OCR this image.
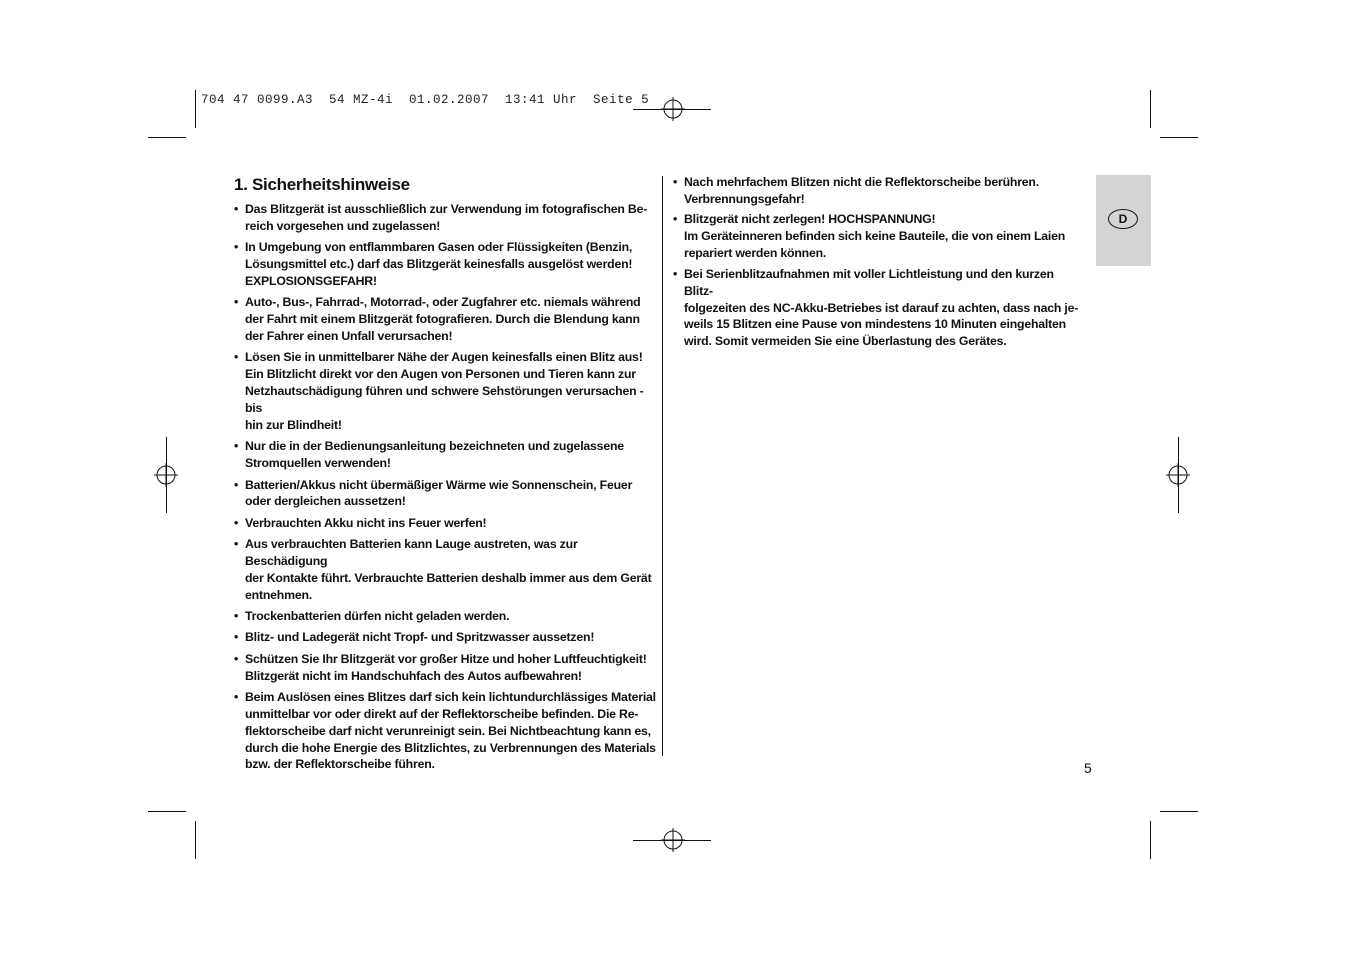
704 47 0099.A3  54 MZ-4i  01.02.2007  13:41 Uhr  Seite 5
D
1. Sicherheitshinweise
• Das Blitzgerät ist ausschließlich zur Verwendung im fotografischen Be-
reich vorgesehen und zugelassen!
• In Umgebung von entflammbaren Gasen oder Flüssigkeiten (Benzin,
Lösungsmittel etc.) darf das Blitzgerät keinesfalls ausgelöst werden!
EXPLOSIONSGEFAHR!
• Auto-, Bus-, Fahrrad-, Motorrad-, oder Zugfahrer etc. niemals während
der Fahrt mit einem Blitzgerät fotografieren. Durch die Blendung kann
der Fahrer einen Unfall verursachen!
• Lösen Sie in unmittelbarer Nähe der Augen keinesfalls einen Blitz aus!
Ein Blitzlicht direkt vor den Augen von Personen und Tieren kann zur
Netzhautschädigung führen und schwere Sehstörungen verursachen - bis
hin zur Blindheit!
• Nur die in der Bedienungsanleitung bezeichneten und zugelassene
Stromquellen verwenden!
• Batterien/Akkus nicht übermäßiger Wärme wie Sonnenschein, Feuer
oder dergleichen aussetzen!
• Verbrauchten Akku nicht ins Feuer werfen!
• Aus verbrauchten Batterien kann Lauge austreten, was zur Beschädigung
der Kontakte führt. Verbrauchte Batterien deshalb immer aus dem Gerät
entnehmen.
• Trockenbatterien dürfen nicht geladen werden.
• Blitz- und Ladegerät nicht Tropf- und Spritzwasser aussetzen!
• Schützen Sie Ihr Blitzgerät vor großer Hitze und hoher Luftfeuchtigkeit!
Blitzgerät nicht im Handschuhfach des Autos aufbewahren!
• Beim Auslösen eines Blitzes darf sich kein lichtundurchlässiges Material
unmittelbar vor oder direkt auf der Reflektorscheibe befinden. Die Re-
flektorscheibe darf nicht verunreinigt sein. Bei Nichtbeachtung kann es,
durch die hohe Energie des Blitzlichtes, zu Verbrennungen des Materials
bzw. der Reflektorscheibe führen.
• Nach mehrfachem Blitzen nicht die Reflektorscheibe berühren.
Verbrennungsgefahr!
• Blitzgerät nicht zerlegen! HOCHSPANNUNG!
Im Geräteinneren befinden sich keine Bauteile, die von einem Laien
repariert werden können.
• Bei Serienblitzaufnahmen mit voller Lichtleistung und den kurzen Blitz-
folgezeiten des NC-Akku-Betriebes ist darauf zu achten, dass nach je-
weils 15 Blitzen eine Pause von mindestens 10 Minuten eingehalten
wird. Somit vermeiden Sie eine Überlastung des Gerätes.
5
